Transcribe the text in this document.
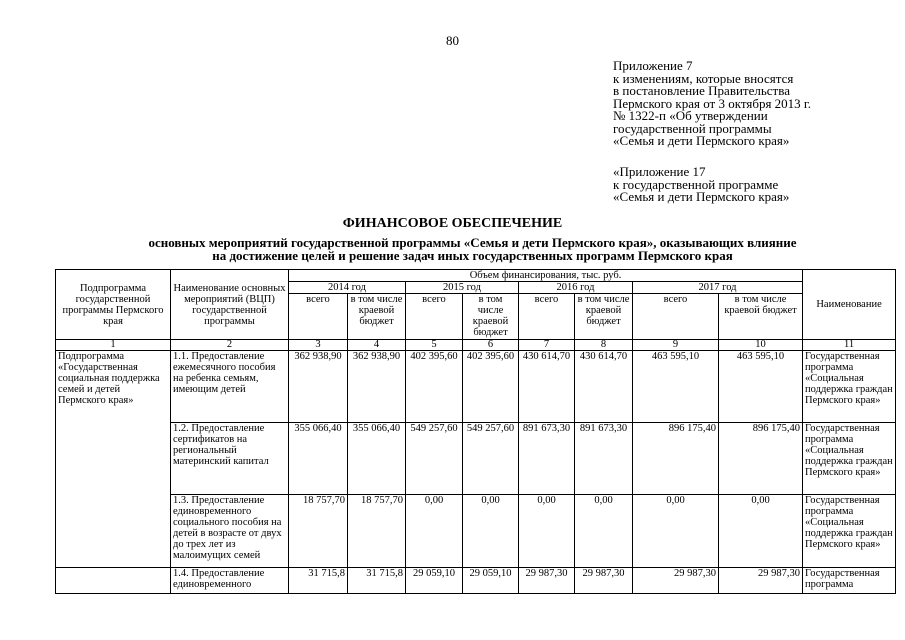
80
Приложение 7
к изменениям, которые вносятся
в постановление Правительства
Пермского края от 3 октября 2013 г.
№ 1322-п «Об утверждении
государственной программы
«Семья и дети Пермского края»
«Приложение 17
к государственной программе
«Семья и дети Пермского края»
ФИНАНСОВОЕ ОБЕСПЕЧЕНИЕ
основных мероприятий государственной программы «Семья и дети Пермского края», оказывающих влияние
на достижение целей и решение задач иных государственных программ Пермского края
Подпрограмма государственной программы Пермского края	Наименование основных мероприятий (ВЦП) государственной программы	Объем финансирования, тыс. руб.								Наименование
		2014 год		2015 год		2016 год		2017 год		
		всего	в том числе краевой бюджет	всего	в том числе краевой бюджет	всего	в том числе краевой бюджет	всего	в том числе краевой бюджет	
1	2	3	4	5	6	7	8	9	10	11
Подпрограмма «Государственная социальная поддержка семей и детей Пермского края»	1.1. Предоставление ежемесячного пособия на ребенка семьям, имеющим детей	362 938,90	362 938,90	402 395,60	402 395,60	430 614,70	430 614,70	463 595,10	463 595,10	Государственная программа «Социальная поддержка граждан Пермского края»
	1.2. Предоставление сертификатов на региональный материнский капитал	355 066,40	355 066,40	549 257,60	549 257,60	891 673,30	891 673,30	896 175,40	896 175,40	Государственная программа «Социальная поддержка граждан Пермского края»
	1.3. Предоставление единовременного социального пособия на детей в возрасте от двух до трех лет из малоимущих семей	18 757,70	18 757,70	0,00	0,00	0,00	0,00	0,00	0,00	Государственная программа «Социальная поддержка граждан Пермского края»
	1.4. Предоставление единовременного	31 715,8	31 715,8	29 059,10	29 059,10	29 987,30	29 987,30	29 987,30	29 987,30	Государственная программа
